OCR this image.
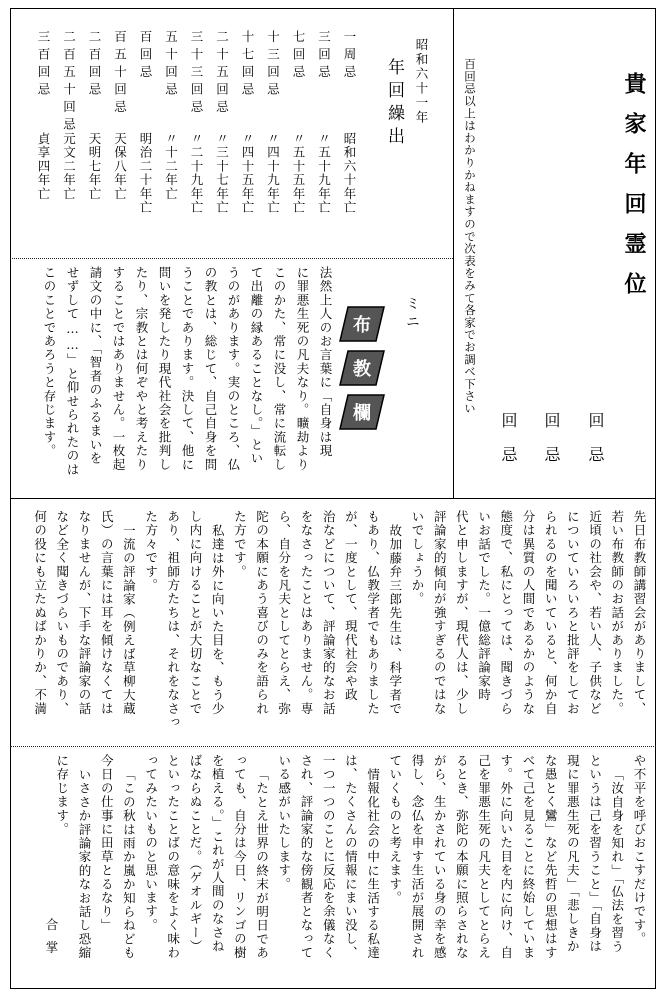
貴家年回霊位
百回忌以上はわかりかねますので次表をみて各家でお調べ下さい
回忌
回忌
回忌
昭和六十一年
年回繰出
一周忌
昭和六十年亡
三回忌
〃五十九年亡
七回忌
〃五十五年亡
十三回忌
〃四十九年亡
十七回忌
〃四十五年亡
二十五回忌
〃三十七年亡
三十三回忌
〃二十九年亡
五十回忌
〃十二年亡
百回忌
明治二十年亡
百五十回忌
天保八年亡
二百回忌
天明七年亡
二百五十回忌
元文二年亡
三百回忌
貞享四年亡
ミニ
布
教
欄
法然上人のお言葉に「自身は現
に罪悪生死の凡夫なり。曠劫より
このかた、常に没し、常に流転し
て出離の縁あることなし。」とい
うのがあります。実のところ、仏
の教とは、総じて、自己自身を問
うことであります。決して、他に
問いを発したり現代社会を批判し
たり、宗教とは何ぞやと考えたり
することではありません。一枚起
請文の中に、「智者のふるまいを
せずして……」と仰せられたのは
このことであろうと存じます。
先日布教師講習会がありまして、
若い布教師のお話がありました。
近頃の社会や、若い人、子供など
についていろいろと批評をしてお
られるのを聞いていると、何か自
分は異質の人間であるかのような
態度で、私にとっては、聞きづら
いお話でした。一億総評論家時
代と申しますが、現代人は、少し
評論家的傾向が強すぎるのではな
いでしょうか。
故加藤弁三郎先生は、科学者で
もあり、仏教学者でもありました
が、一度として、現代社会や政
治などについて、評論家的なお話
をなさったことはありません。専
ら、自分を凡夫としてとらえ、弥
陀の本願にあう喜びのみを語られ
た方です。
私達は外に向いた目を、もう少
し内に向けることが大切なことで
あり、祖師方たちは、それをなさっ
た方々です。
一流の評論家（例えば草柳大蔵
氏）の言葉には耳を傾けなくては
なりませんが、下手な評論家の話
など全く聞きづらいものであり、
何の役にも立たぬばかりか、不満
や不平を呼びおこすだけです。
「汝自身を知れ」「仏法を習う
というは己を習うこと」「自身は
現に罪悪生死の凡夫」「悲しきか
な愚とく鸞」など先哲の思想はす
べて己を見ることに終始していま
す。外に向いた目を内に向け、自
己を罪悪生死の凡夫としてとらえ
るとき、弥陀の本願に照らされな
がら、生かされている身の幸を感
得し、念仏を申す生活が展開され
ていくものと考えます。
情報化社会の中に生活する私達
は、たくさんの情報にまい没し、
一つ一つのことに反応を余儀なく
され、評論家的な傍観者となって
いる感がいたします。
「たとえ世界の終末が明日であ
っても、自分は今日、リンゴの樹
を植える。」これが人間のなさね
ばならぬことだ。（ゲオルギー）
といったことばの意味をよく味わ
ってみたいものと思います。
「この秋は雨か嵐か知らねども
今日の仕事に田草とるなり」
いささか評論家的なお話し恐縮
に存じます。
合掌
